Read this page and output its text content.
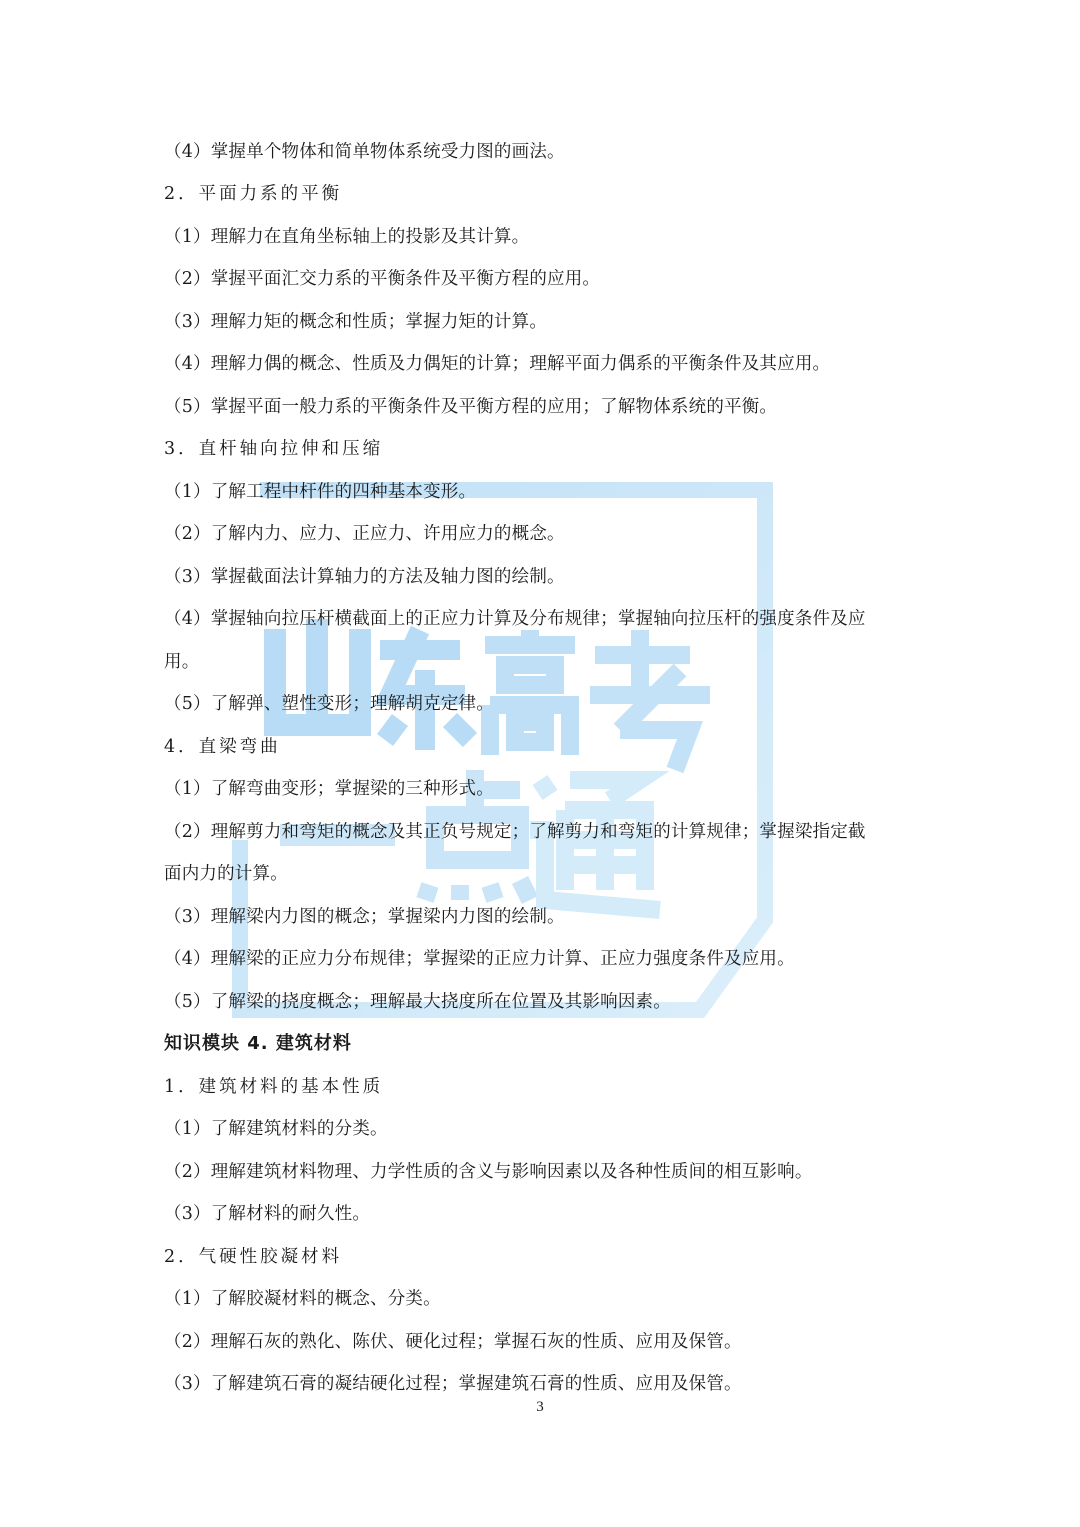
（4）掌握单个物体和简单物体系统受力图的画法。
2．平面力系的平衡
（1）理解力在直角坐标轴上的投影及其计算。
（2）掌握平面汇交力系的平衡条件及平衡方程的应用。
（3）理解力矩的概念和性质；掌握力矩的计算。
（4）理解力偶的概念、性质及力偶矩的计算；理解平面力偶系的平衡条件及其应用。
（5）掌握平面一般力系的平衡条件及平衡方程的应用；了解物体系统的平衡。
3．直杆轴向拉伸和压缩
（1）了解工程中杆件的四种基本变形。
（2）了解内力、应力、正应力、许用应力的概念。
（3）掌握截面法计算轴力的方法及轴力图的绘制。
（4）掌握轴向拉压杆横截面上的正应力计算及分布规律；掌握轴向拉压杆的强度条件及应
用。
（5）了解弹、塑性变形；理解胡克定律。
4．直梁弯曲
（1）了解弯曲变形；掌握梁的三种形式。
（2）理解剪力和弯矩的概念及其正负号规定；了解剪力和弯矩的计算规律；掌握梁指定截
面内力的计算。
（3）理解梁内力图的概念；掌握梁内力图的绘制。
（4）理解梁的正应力分布规律；掌握梁的正应力计算、正应力强度条件及应用。
（5）了解梁的挠度概念；理解最大挠度所在位置及其影响因素。
知识模块 4. 建筑材料
1．建筑材料的基本性质
（1）了解建筑材料的分类。
（2）理解建筑材料物理、力学性质的含义与影响因素以及各种性质间的相互影响。
（3）了解材料的耐久性。
2．气硬性胶凝材料
（1）了解胶凝材料的概念、分类。
（2）理解石灰的熟化、陈伏、硬化过程；掌握石灰的性质、应用及保管。
（3）了解建筑石膏的凝结硬化过程；掌握建筑石膏的性质、应用及保管。
3
